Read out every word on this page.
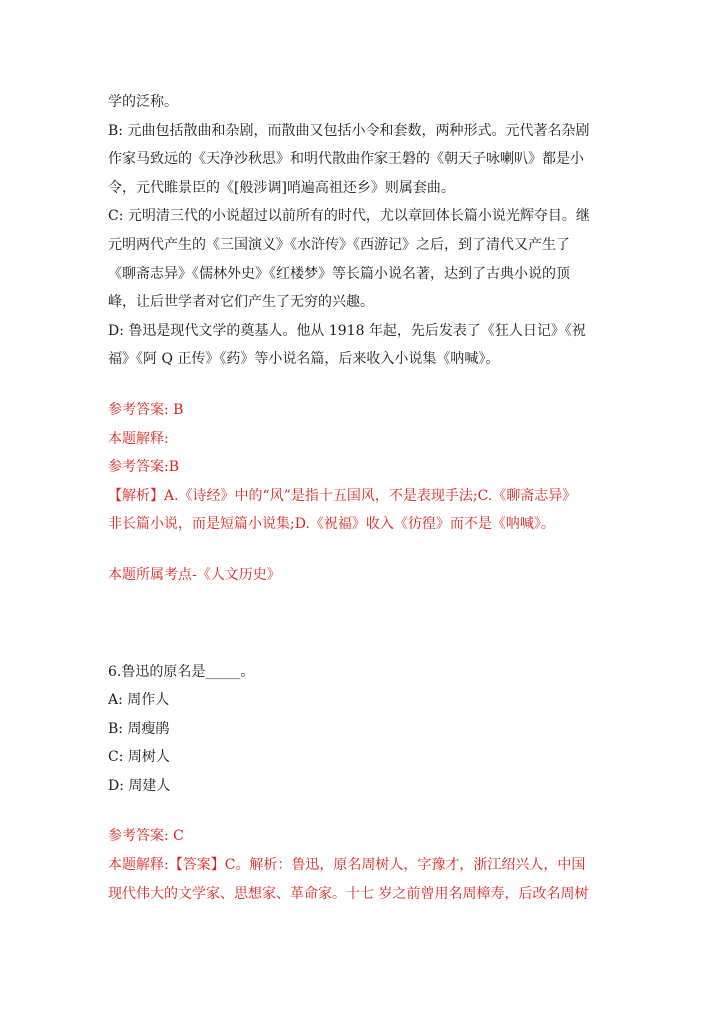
学的泛称。
B: 元曲包括散曲和杂剧，而散曲又包括小令和套数，两种形式。元代著名杂剧
作家马致远的《天净沙秋思》和明代散曲作家王磐的《朝天子咏喇叭》都是小
令，元代睢景臣的《[般涉调]哨遍高祖还乡》则属套曲。
C: 元明清三代的小说超过以前所有的时代，尤以章回体长篇小说光辉夺目。继
元明两代产生的《三国演义》《水浒传》《西游记》之后，到了清代又产生了
《聊斋志异》《儒林外史》《红楼梦》等长篇小说名著，达到了古典小说的顶
峰，让后世学者对它们产生了无穷的兴趣。
D: 鲁迅是现代文学的奠基人。他从 1918 年起，先后发表了《狂人日记》《祝
福》《阿 Q 正传》《药》等小说名篇，后来收入小说集《呐喊》。
参考答案: B
本题解释:
参考答案:B
【解析】A.《诗经》中的“风”是指十五国风，不是表现手法;C.《聊斋志异》
非长篇小说，而是短篇小说集;D.《祝福》收入《彷徨》而不是《呐喊》。
本题所属考点-《人文历史》
6.鲁迅的原名是_____。
A: 周作人
B: 周瘦鹃
C: 周树人
D: 周建人
参考答案: C
本题解释:【答案】C。解析：鲁迅，原名周树人，字豫才，浙江绍兴人，中国
现代伟大的文学家、思想家、革命家。十七 岁之前曾用名周樟寿，后改名周树
